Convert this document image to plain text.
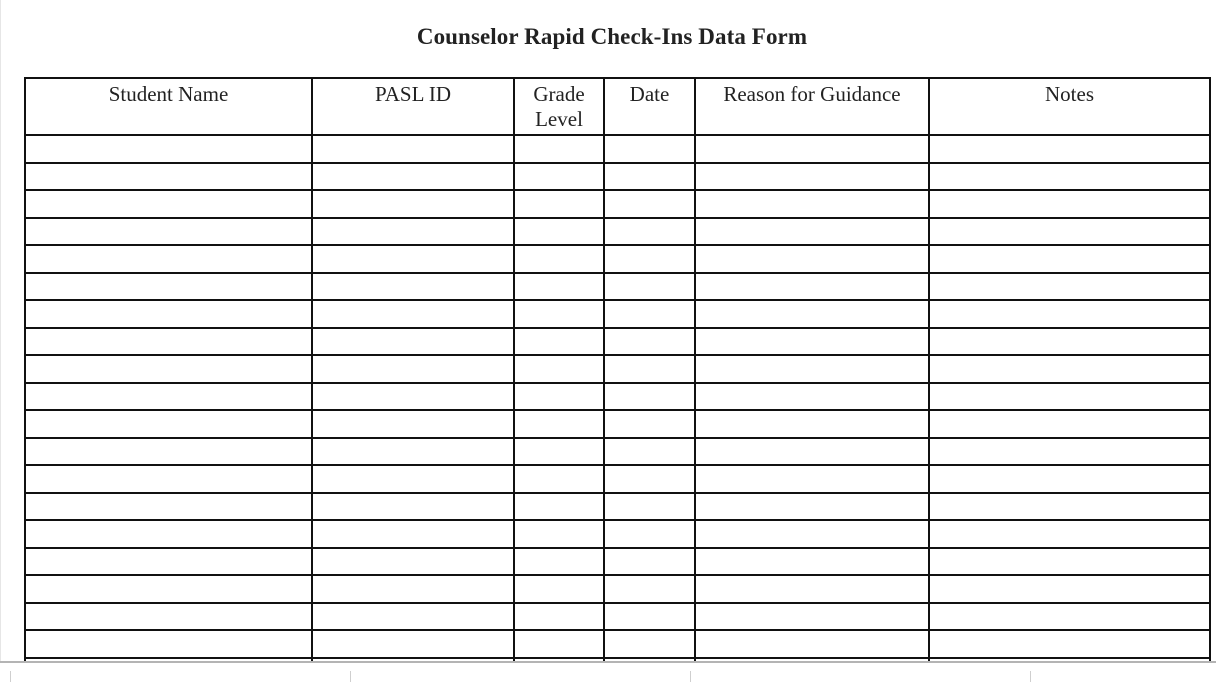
Counselor Rapid Check-Ins Data Form
Student Name	PASL ID	Grade Level	Date	Reason for Guidance	Notes
